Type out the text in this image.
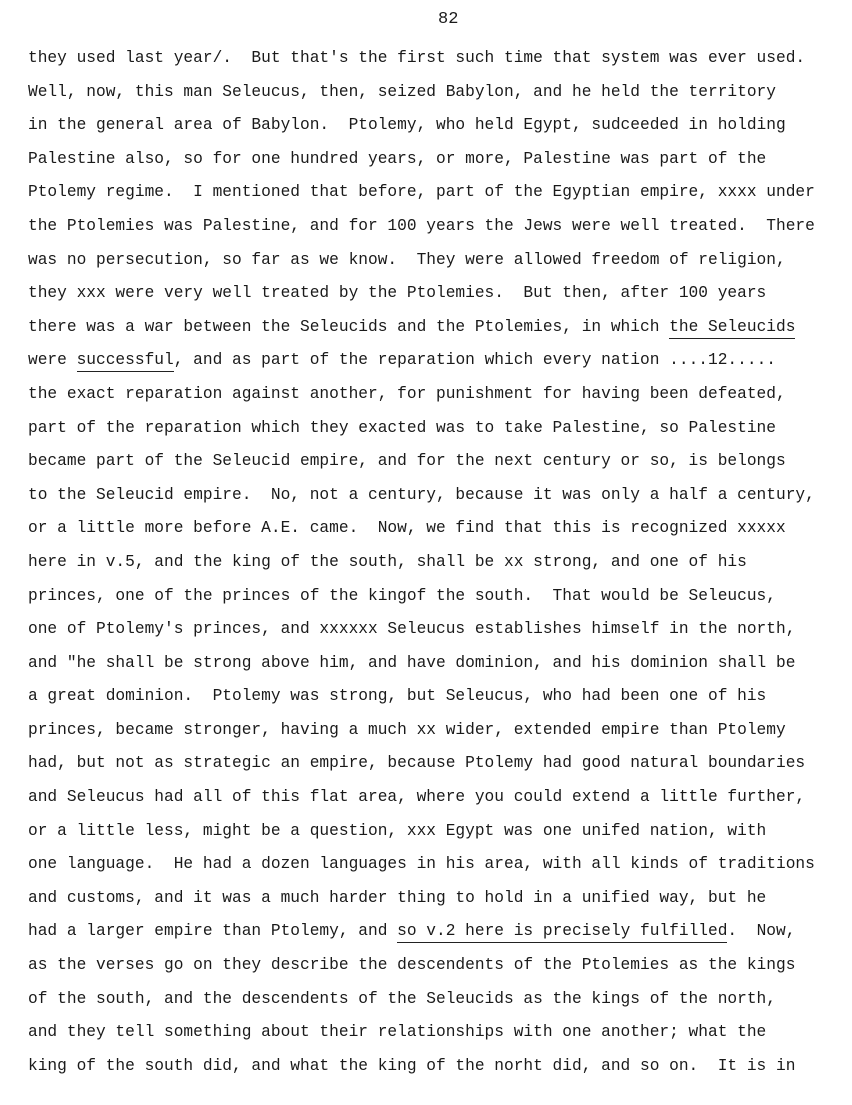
82
they used last year/.  But that's the first such time that system was ever used.
Well, now, this man Seleucus, then, seized Babylon, and he held the territory
in the general area of Babylon.  Ptolemy, who held Egypt, sudceeded in holding
Palestine also, so for one hundred years, or more, Palestine was part of the
Ptolemy regime.  I mentioned that before, part of the Egyptian empire, xxxx under
the Ptolemies was Palestine, and for 100 years the Jews were well treated.  There
was no persecution, so far as we know.  They were allowed freedom of religion,
they xxx were very well treated by the Ptolemies.  But then, after 100 years
there was a war between the Seleucids and the Ptolemies, in which the Seleucids
were successful, and as part of the reparation which every nation ....12.....
the exact reparation against another, for punishment for having been defeated,
part of the reparation which they exacted was to take Palestine, so Palestine
became part of the Seleucid empire, and for the next century or so, is belongs
to the Seleucid empire.  No, not a century, because it was only a half a century,
or a little more before A.E. came.  Now, we find that this is recognized xxxxx
here in v.5, and the king of the south, shall be xx strong, and one of his
princes, one of the princes of the kingof the south.  That would be Seleucus,
one of Ptolemy's princes, and xxxxxx Seleucus establishes himself in the north,
and "he shall be strong above him, and have dominion, and his dominion shall be
a great dominion.  Ptolemy was strong, but Seleucus, who had been one of his
princes, became stronger, having a much xx wider, extended empire than Ptolemy
had, but not as strategic an empire, because Ptolemy had good natural boundaries
and Seleucus had all of this flat area, where you could extend a little further,
or a little less, might be a question, xxx Egypt was one unifed nation, with
one language.  He had a dozen languages in his area, with all kinds of traditions
and customs, and it was a much harder thing to hold in a unified way, but he
had a larger empire than Ptolemy, and so v.2 here is precisely fulfilled.  Now,
as the verses go on they describe the descendents of the Ptolemies as the kings
of the south, and the descendents of the Seleucids as the kings of the north,
and they tell something about their relationships with one another; what the
king of the south did, and what the king of the norht did, and so on.  It is in
